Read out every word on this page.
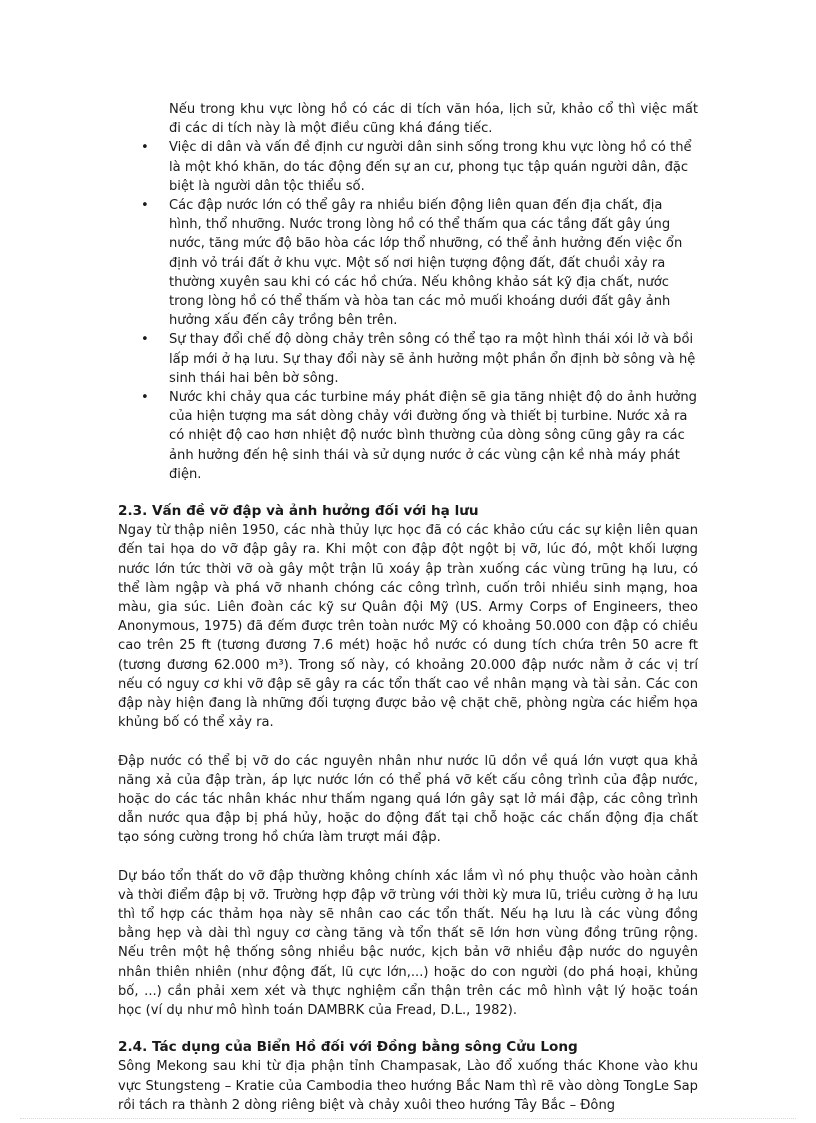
Nếu trong khu vực lòng hồ có các di tích văn hóa, lịch sử, khảo cổ thì việc mất đi các di tích này là một điều cũng khá đáng tiếc.

• Việc di dân và vấn đề định cư người dân sinh sống trong khu vực lòng hồ có thể là một khó khăn, do tác động đến sự an cư, phong tục tập quán người dân, đặc biệt là người dân tộc thiểu số.
• Các đập nước lớn có thể gây ra nhiều biến động liên quan đến địa chất, địa hình, thổ nhưỡng. Nước trong lòng hồ có thể thấm qua các tầng đất gây úng nước, tăng mức độ bão hòa các lớp thổ nhưỡng, có thể ảnh hưởng đến việc ổn định vỏ trái đất ở khu vực. Một số nơi hiện tượng động đất, đất chuồi xảy ra thường xuyên sau khi có các hồ chứa. Nếu không khảo sát kỹ địa chất, nước trong lòng hồ có thể thấm và hòa tan các mỏ muối khoáng dưới đất gây ảnh hưởng xấu đến cây trồng bên trên.
• Sự thay đổi chế độ dòng chảy trên sông có thể tạo ra một hình thái xói lở và bồi lấp mới ở hạ lưu. Sự thay đổi này sẽ ảnh hưởng một phần ổn định bờ sông và hệ sinh thái hai bên bờ sông.
• Nước khi chảy qua các turbine máy phát điện sẽ gia tăng nhiệt độ do ảnh hưởng của hiện tượng ma sát dòng chảy với đường ống và thiết bị turbine. Nước xả ra có nhiệt độ cao hơn nhiệt độ nước bình thường của dòng sông cũng gây ra các ảnh hưởng đến hệ sinh thái và sử dụng nước ở các vùng cận kề nhà máy phát điện.
2.3. Vấn đề vỡ đập và ảnh hưởng đối với hạ lưu

Ngay từ thập niên 1950, các nhà thủy lực học đã có các khảo cứu các sự kiện liên quan đến tai họa do vỡ đập gây ra. Khi một con đập đột ngột bị vỡ, lúc đó, một khối lượng nước lớn tức thời vỡ oà gây một trận lũ xoáy ập tràn xuống các vùng trũng hạ lưu, có thể làm ngập và phá vỡ nhanh chóng các công trình, cuốn trôi nhiều sinh mạng, hoa màu, gia súc. Liên đoàn các kỹ sư Quân đội Mỹ (US. Army Corps of Engineers, theo Anonymous, 1975) đã đếm được trên toàn nước Mỹ có khoảng 50.000 con đập có chiều cao trên 25 ft (tương đương 7.6 mét) hoặc hồ nước có dung tích chứa trên 50 acre ft (tương đương 62.000 m³). Trong số này, có khoảng 20.000 đập nước nằm ở các vị trí nếu có nguy cơ khi vỡ đập sẽ gây ra các tổn thất cao về nhân mạng và tài sản. Các con đập này hiện đang là những đối tượng được bảo vệ chặt chẽ, phòng ngừa các hiểm họa khủng bố có thể xảy ra.

Đập nước có thể bị vỡ do các nguyên nhân như nước lũ dồn về quá lớn vượt qua khả năng xả của đập tràn, áp lực nước lớn có thể phá vỡ kết cấu công trình của đập nước, hoặc do các tác nhân khác như thấm ngang quá lớn gây sạt lở mái đập, các công trình dẫn nước qua đập bị phá hủy, hoặc do động đất tại chỗ hoặc các chấn động địa chất tạo sóng cường trong hồ chứa làm trượt mái đập.

Dự báo tổn thất do vỡ đập thường không chính xác lắm vì nó phụ thuộc vào hoàn cảnh và thời điểm đập bị vỡ. Trường hợp đập vỡ trùng với thời kỳ mưa lũ, triều cường ở hạ lưu thì tổ hợp các thảm họa này sẽ nhân cao các tổn thất. Nếu hạ lưu là các vùng đồng bằng hẹp và dài thì nguy cơ càng tăng và tổn thất sẽ lớn hơn vùng đồng trũng rộng. Nếu trên một hệ thống sông nhiều bậc nước, kịch bản vỡ nhiều đập nước do nguyên nhân thiên nhiên (như động đất, lũ cực lớn,...) hoặc do con người (do phá hoại, khủng bố, ...) cần phải xem xét và thực nghiệm cẩn thận trên các mô hình vật lý hoặc toán học (ví dụ như mô hình toán DAMBRK của Fread, D.L., 1982).

2.4. Tác dụng của Biển Hồ đối với Đồng bằng sông Cửu Long

Sông Mekong sau khi từ địa phận tỉnh Champasak, Lào đổ xuống thác Khone vào khu vực Stungsteng – Kratie của Cambodia theo hướng Bắc Nam thì rẽ vào dòng TongLe Sap rồi tách ra thành 2 dòng riêng biệt và chảy xuôi theo hướng Tây Bắc – Đông
